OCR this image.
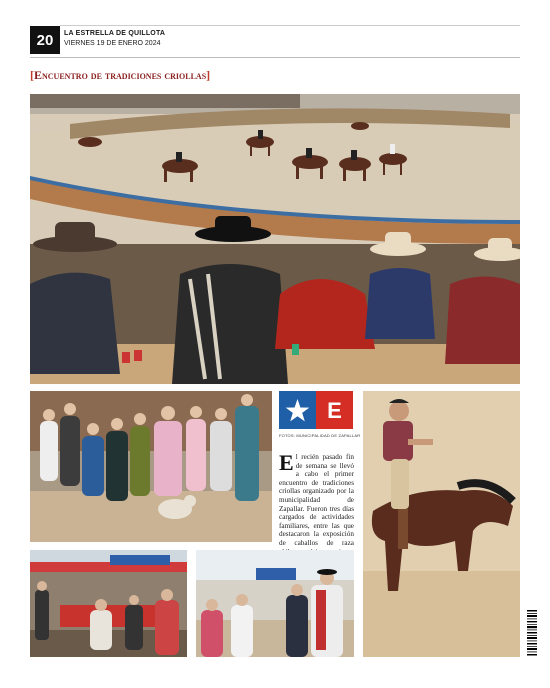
20	LA ESTRELLA DE QUILLOTA
VIERNES 19 DE ENERO 2024
[Encuentro de tradiciones criollas]
E
FOTOS: MUNICIPALIDAD DE ZAPALLAR
El recién pasado fin de semana se llevó a cabo el primer encuentro de tradiciones criollas organizado por la municipalidad de Zapallar. Fueron tres días cargados de actividades familiares, entre las que destacaron la exposición de caballos de raza
